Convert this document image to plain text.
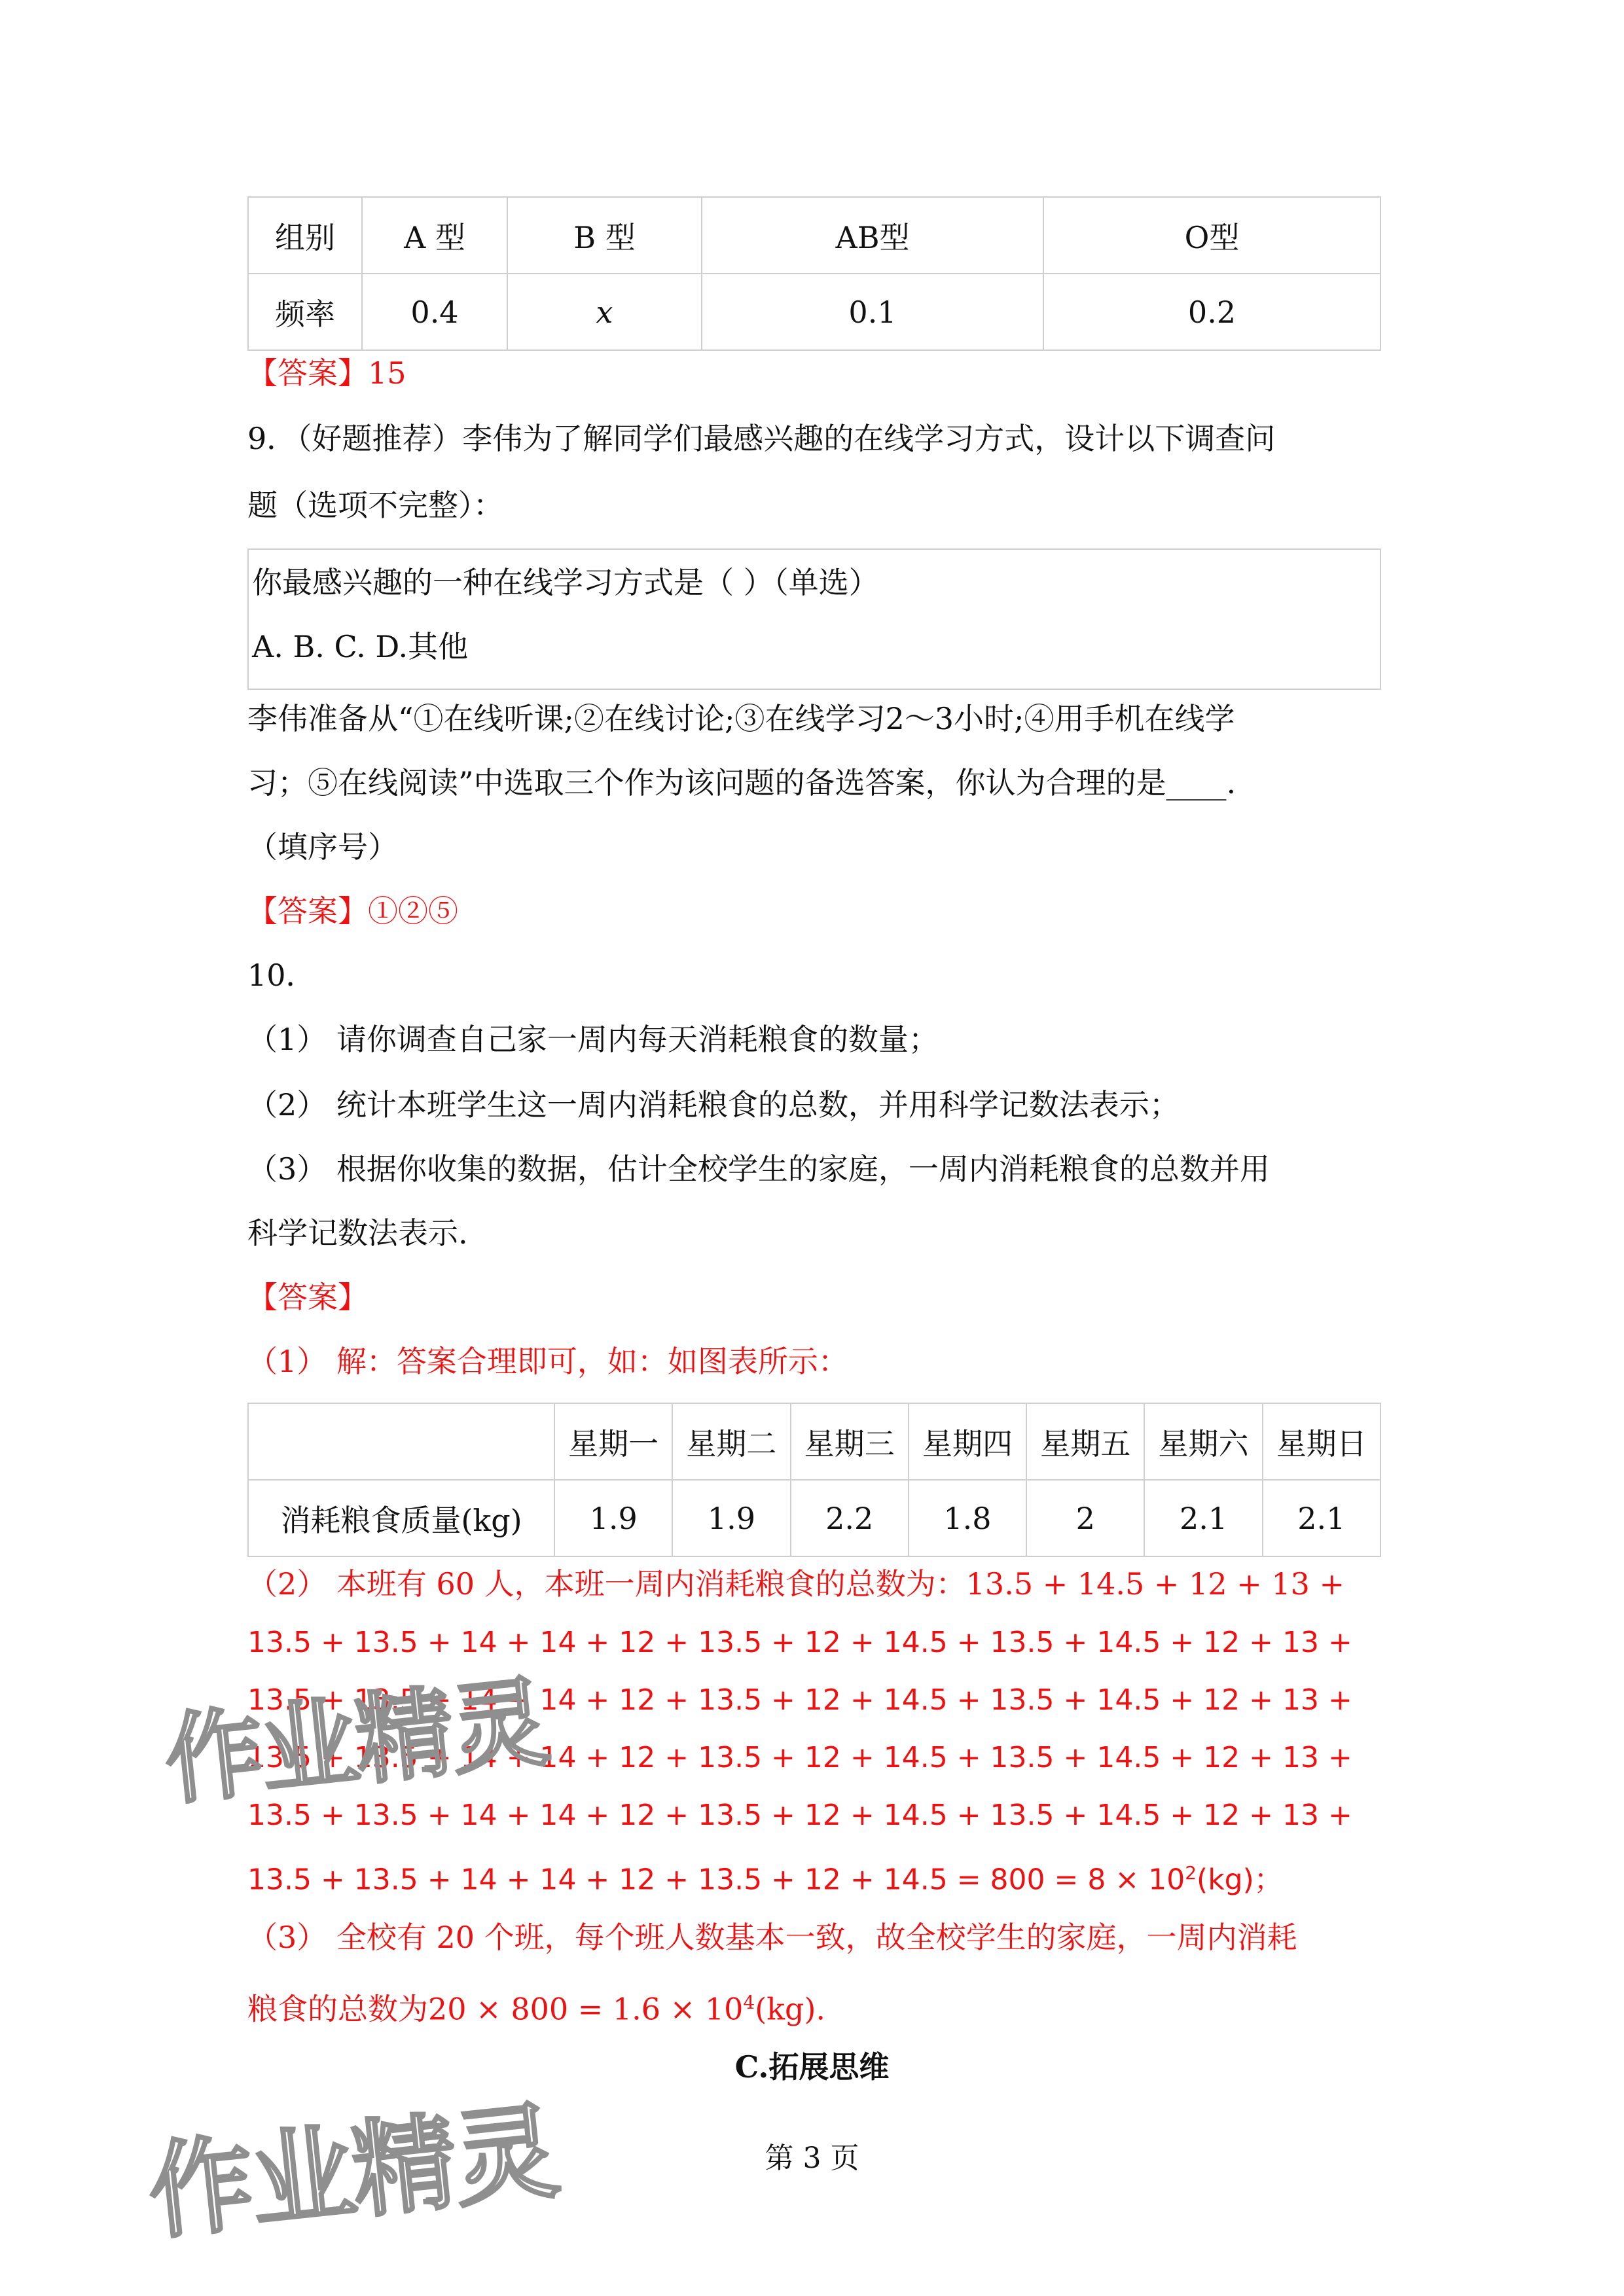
组别	A 型	B 型	AB型	O型
频率	0.4	𝑥	0.1	0.2
【答案】15
9．（好题推荐）李伟为了解同学们最感兴趣的在线学习方式，设计以下调查问
题（选项不完整）：
你最感兴趣的一种在线学习方式是（ ）（单选）
A. B. C. D.其他
李伟准备从“①在线听课;②在线讨论;③在线学习2～3小时;④用手机在线学
习；⑤在线阅读”中选取三个作为该问题的备选答案，你认为合理的是____.
（填序号）
【答案】①②⑤
10．
（1） 请你调查自己家一周内每天消耗粮食的数量；
（2） 统计本班学生这一周内消耗粮食的总数，并用科学记数法表示；
（3） 根据你收集的数据，估计全校学生的家庭，一周内消耗粮食的总数并用
科学记数法表示.
【答案】
（1） 解：答案合理即可，如：如图表所示：
	星期一	星期二	星期三	星期四	星期五	星期六	星期日
消耗粮食质量(kg)	1.9	1.9	2.2	1.8	2	2.1	2.1
（2） 本班有 60 人，本班一周内消耗粮食的总数为：13.5 + 14.5 + 12 + 13 +
13.5 + 13.5 + 14 + 14 + 12 + 13.5 + 12 + 14.5 + 13.5 + 14.5 + 12 + 13 +
13.5 + 13.5 + 14 + 14 + 12 + 13.5 + 12 + 14.5 + 13.5 + 14.5 + 12 + 13 +
13.5 + 13.5 + 14 + 14 + 12 + 13.5 + 12 + 14.5 + 13.5 + 14.5 + 12 + 13 +
13.5 + 13.5 + 14 + 14 + 12 + 13.5 + 12 + 14.5 + 13.5 + 14.5 + 12 + 13 +
$13.5 + 13.5 + 14 + 14 + 12 + 13.5 + 12 + 14.5 = 800 = 8 \times 10^2(kg)$；
（3） 全校有 20 个班，每个班人数基本一致，故全校学生的家庭，一周内消耗
粮食的总数为$20 \times 800 = 1.6 \times 10^4(kg)$.
C.拓展思维
第 3 页
作业精灵
作业精灵
